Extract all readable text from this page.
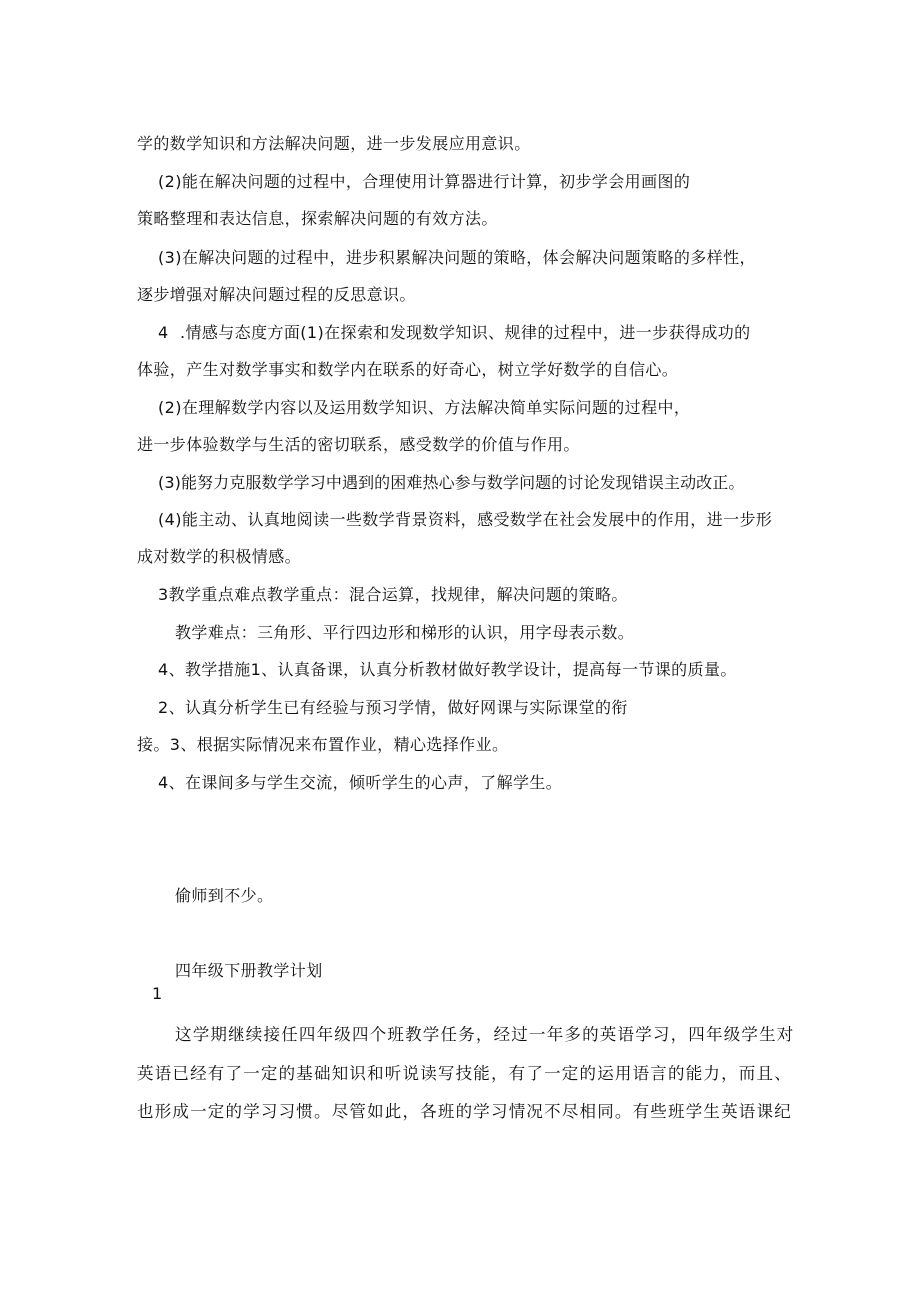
学的数学知识和方法解决问题，进一步发展应用意识。
(2)能在解决问题的过程中，合理使用计算器进行计算，初步学会用画图的
策略整理和表达信息，探索解决问题的有效方法。
(3)在解决问题的过程中，进步积累解决问题的策略，体会解决问题策略的多样性，
逐步增强对解决问题过程的反思意识。
4 .情感与态度方面(1)在探索和发现数学知识、规律的过程中，进一步获得成功的
体验，产生对数学事实和数学内在联系的好奇心，树立学好数学的自信心。
(2)在理解数学内容以及运用数学知识、方法解决简单实际问题的过程中，
进一步体验数学与生活的密切联系，感受数学的价值与作用。
(3)能努力克服数学学习中遇到的困难热心参与数学问题的讨论发现错误主动改正。
(4)能主动、认真地阅读一些数学背景资料，感受数学在社会发展中的作用，进一步形
成对数学的积极情感。
3教学重点难点教学重点：混合运算，找规律，解决问题的策略。
教学难点：三角形、平行四边形和梯形的认识，用字母表示数。
4、教学措施1、认真备课，认真分析教材做好教学设计，提高每一节课的质量。
2、认真分析学生已有经验与预习学情，做好网课与实际课堂的衔
接。3、根据实际情况来布置作业，精心选择作业。
4、在课间多与学生交流，倾听学生的心声，了解学生。
偷师到不少。
四年级下册教学计划
1
这学期继续接任四年级四个班教学任务，经过一年多的英语学习，四年级学生对
英语已经有了一定的基础知识和听说读写技能，有了一定的运用语言的能力，而且、
也形成一定的学习习惯。尽管如此，各班的学习情况不尽相同。有些班学生英语课纪
